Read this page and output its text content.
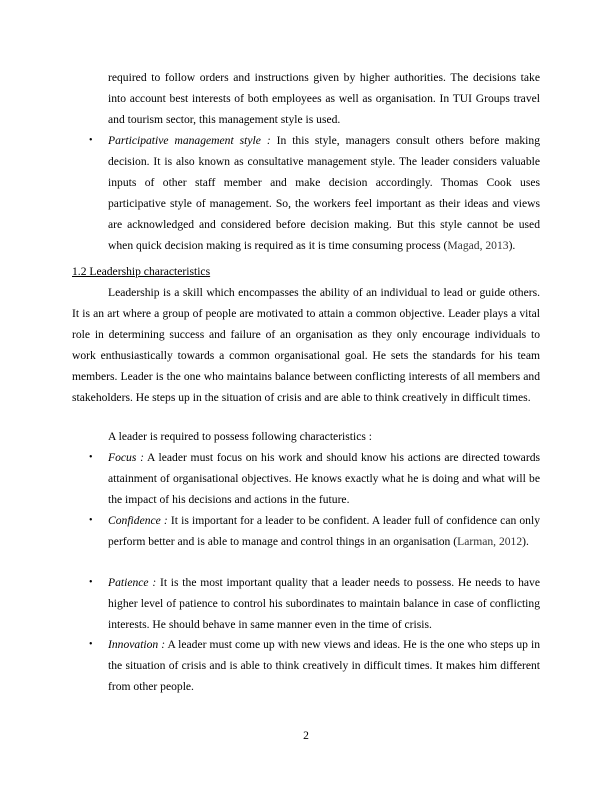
required to follow orders and instructions given by higher authorities. The decisions take into account best interests of both employees as well as organisation. In TUI Groups travel and tourism sector, this management style is used.

• Participative management style : In this style, managers consult others before making decision. It is also known as consultative management style. The leader considers valuable inputs of other staff member and make decision accordingly. Thomas Cook uses participative style of management. So, the workers feel important as their ideas and views are acknowledged and considered before decision making. But this style cannot be used when quick decision making is required as it is time consuming process (Magad, 2013).

1.2 Leadership characteristics

Leadership is a skill which encompasses the ability of an individual to lead or guide others. It is an art where a group of people are motivated to attain a common objective. Leader plays a vital role in determining success and failure of an organisation as they only encourage individuals to work enthusiastically towards a common organisational goal. He sets the standards for his team members. Leader is the one who maintains balance between conflicting interests of all members and stakeholders. He steps up in the situation of crisis and are able to think creatively in difficult times.

A leader is required to possess following characteristics :

• Focus : A leader must focus on his work and should know his actions are directed towards attainment of organisational objectives. He knows exactly what he is doing and what will be the impact of his decisions and actions in the future.

• Confidence : It is important for a leader to be confident. A leader full of confidence can only perform better and is able to manage and control things in an organisation (Larman, 2012).

• Patience : It is the most important quality that a leader needs to possess. He needs to have higher level of patience to control his subordinates to maintain balance in case of conflicting interests. He should behave in same manner even in the time of crisis.

• Innovation : A leader must come up with new views and ideas. He is the one who steps up in the situation of crisis and is able to think creatively in difficult times. It makes him different from other people.

2
